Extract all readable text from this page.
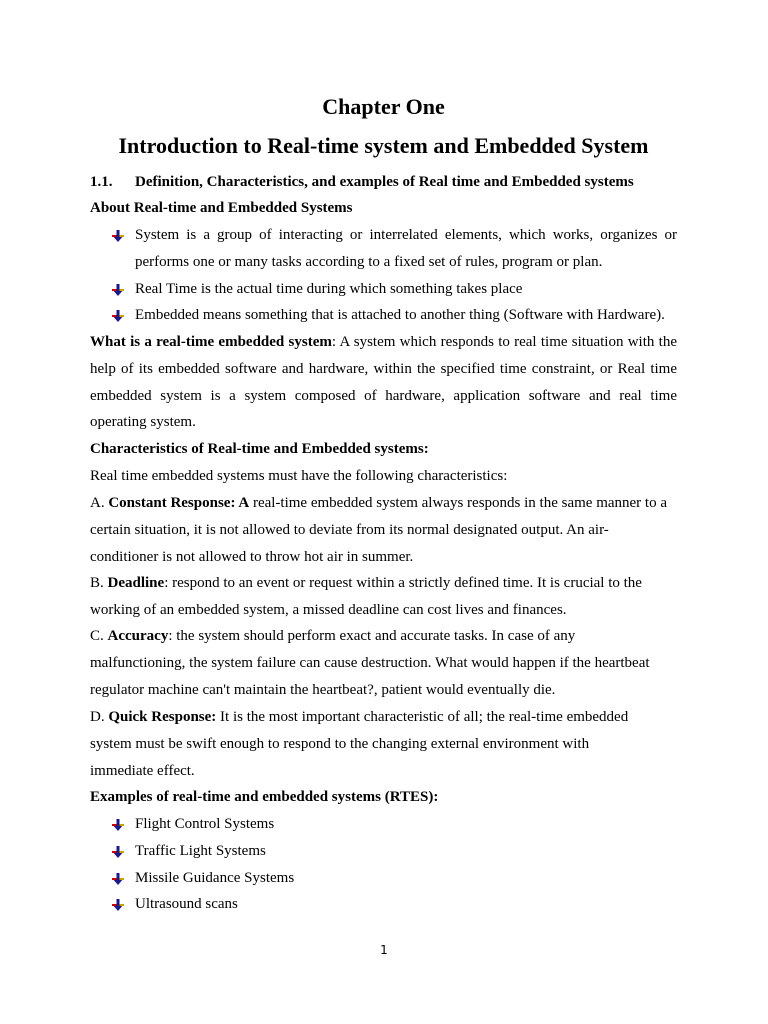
Chapter One
Introduction to Real-time system and Embedded System
1.1. Definition, Characteristics, and examples of Real time and Embedded systems
About Real-time and Embedded Systems
System is a group of interacting or interrelated elements, which works, organizes or
performs one or many tasks according to a fixed set of rules, program or plan.
Real Time is the actual time during which something takes place
Embedded means something that is attached to another thing (Software with Hardware).
What is a real-time embedded system: A system which responds to real time situation with the
help of its embedded software and hardware, within the specified time constraint, or Real time
embedded system is a system composed of hardware, application software and real time
operating system.
Characteristics of Real-time and Embedded systems:
Real time embedded systems must have the following characteristics:
A. Constant Response: A real-time embedded system always responds in the same manner to a
certain situation, it is not allowed to deviate from its normal designated output. An air-
conditioner is not allowed to throw hot air in summer.
B. Deadline: respond to an event or request within a strictly defined time. It is crucial to the
working of an embedded system, a missed deadline can cost lives and finances.
C. Accuracy: the system should perform exact and accurate tasks. In case of any
malfunctioning, the system failure can cause destruction. What would happen if the heartbeat
regulator machine can't maintain the heartbeat?, patient would eventually die.
D. Quick Response: It is the most important characteristic of all; the real-time embedded
system must be swift enough to respond to the changing external environment with
immediate effect.
Examples of real-time and embedded systems (RTES):
Flight Control Systems
Traffic Light Systems
Missile Guidance Systems
Ultrasound scans
1
